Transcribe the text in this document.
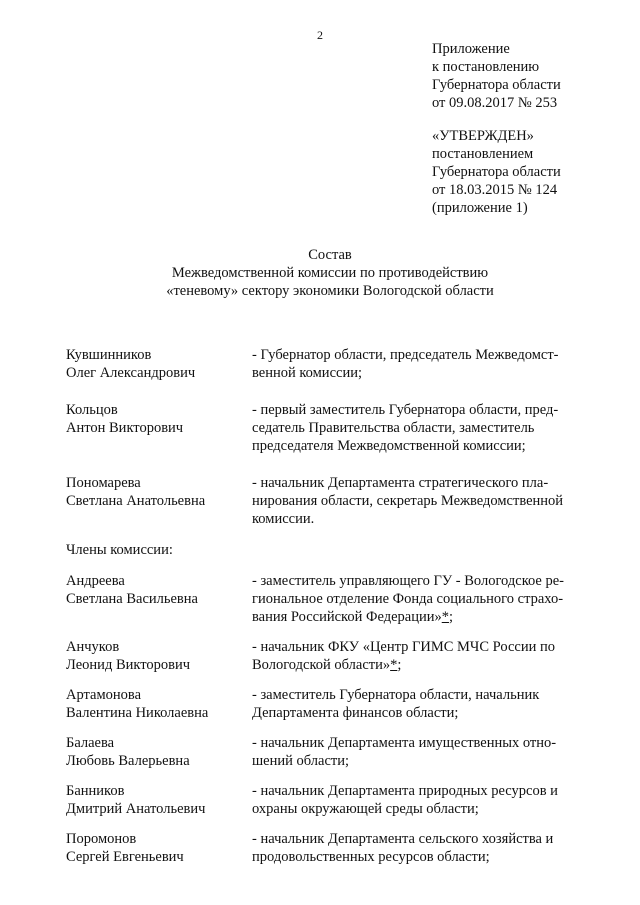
2
Приложение
к постановлению
Губернатора области
от 09.08.2017 № 253
«УТВЕРЖДЕН»
постановлением
Губернатора области
от 18.03.2015 № 124
(приложение 1)
Состав
Межведомственной комиссии по противодействию
«теневому» сектору экономики Вологодской области
Кувшинников
Олег Александрович
- Губернатор области, председатель Межведомст-
венной комиссии;
Кольцов
Антон Викторович
- первый заместитель Губернатора области, пред-
седатель Правительства области, заместитель
председателя Межведомственной комиссии;
Пономарева
Светлана Анатольевна
- начальник Департамента стратегического пла-
нирования области, секретарь Межведомственной
комиссии.
Члены комиссии:
Андреева
Светлана Васильевна
- заместитель управляющего ГУ - Вологодское ре-
гиональное отделение Фонда социального страхо-
вания Российской Федерации»*;
Анчуков
Леонид Викторович
- начальник ФКУ «Центр ГИМС МЧС России по
Вологодской области»*;
Артамонова
Валентина Николаевна
- заместитель Губернатора области, начальник
Департамента финансов области;
Балаева
Любовь Валерьевна
- начальник Департамента имущественных отно-
шений области;
Банников
Дмитрий Анатольевич
- начальник Департамента природных ресурсов и
охраны окружающей среды области;
Поромонов
Сергей Евгеньевич
- начальник Департамента сельского хозяйства и
продовольственных ресурсов области;
